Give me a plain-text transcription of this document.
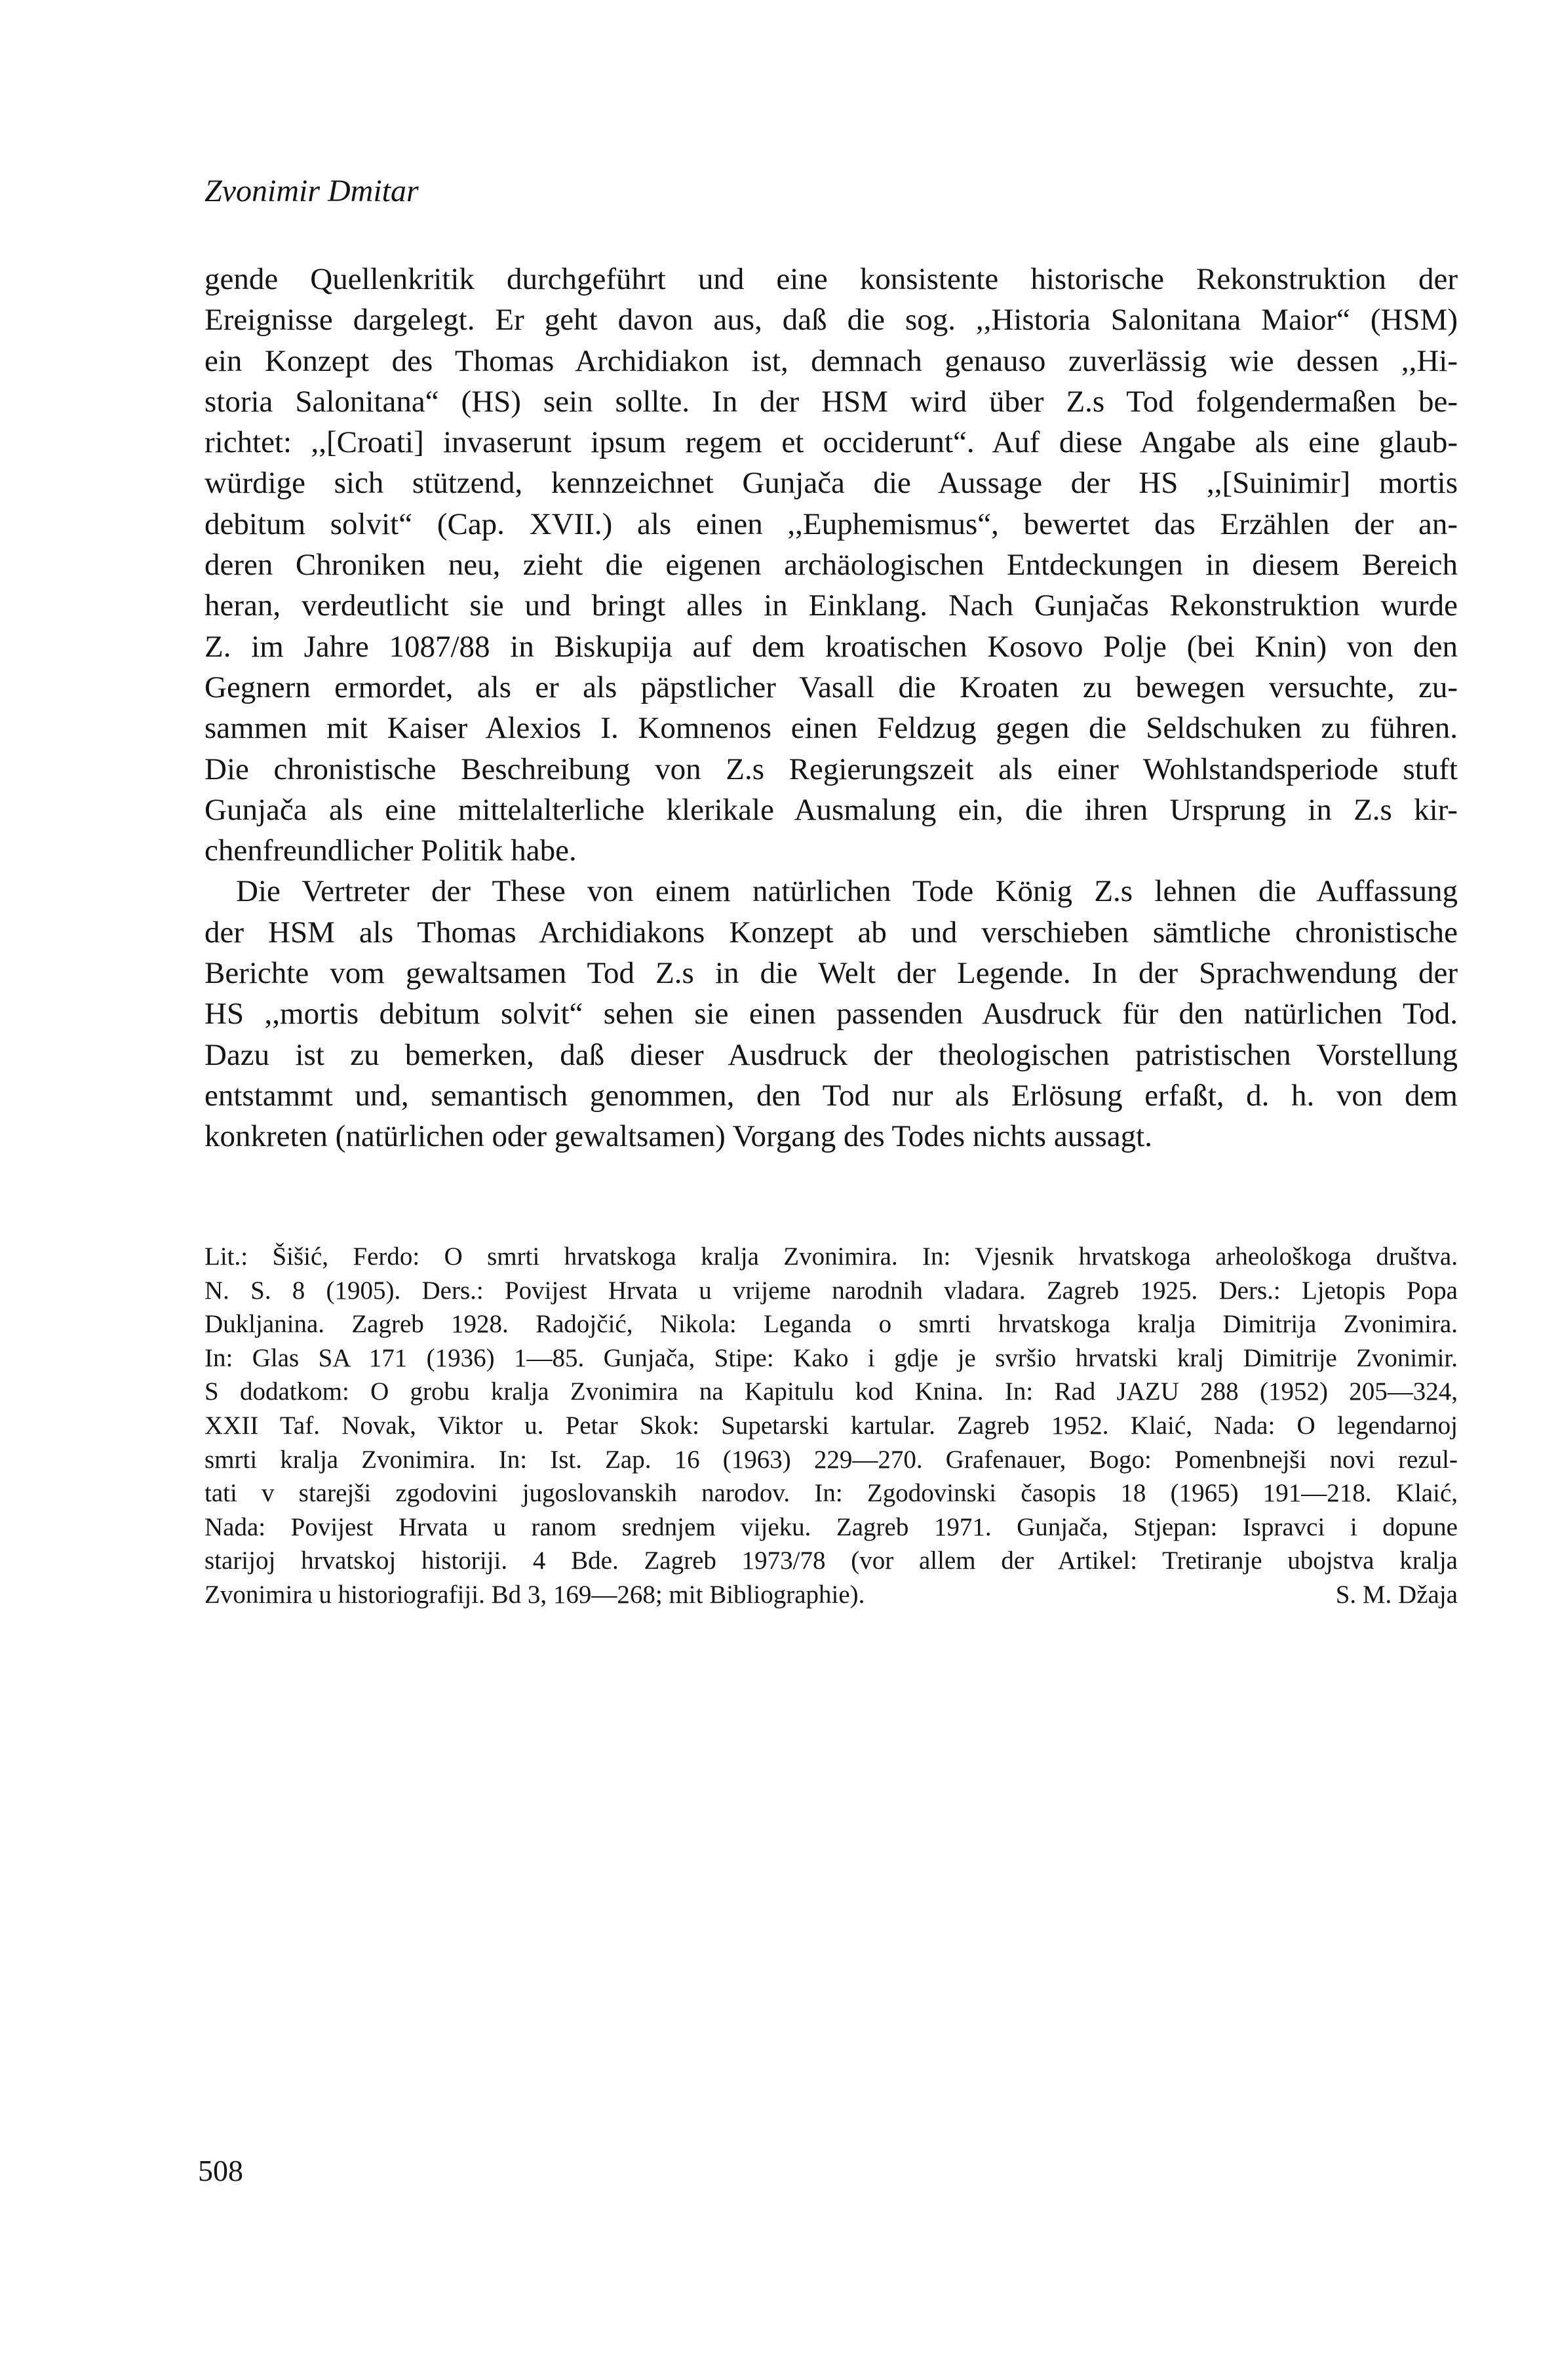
Zvonimir Dmitar
gende Quellenkritik durchgeführt und eine konsistente historische Rekonstruktion der
Ereignisse dargelegt. Er geht davon aus, daß die sog. ,,Historia Salonitana Maior“ (HSM)
ein Konzept des Thomas Archidiakon ist, demnach genauso zuverlässig wie dessen ,,Hi-
storia Salonitana“ (HS) sein sollte. In der HSM wird über Z.s Tod folgendermaßen be-
richtet: ,,[Croati] invaserunt ipsum regem et occiderunt“. Auf diese Angabe als eine glaub-
würdige sich stützend, kennzeichnet Gunjača die Aussage der HS ,,[Suinimir] mortis
debitum solvit“ (Cap. XVII.) als einen ,,Euphemismus“, bewertet das Erzählen der an-
deren Chroniken neu, zieht die eigenen archäologischen Entdeckungen in diesem Bereich
heran, verdeutlicht sie und bringt alles in Einklang. Nach Gunjačas Rekonstruktion wurde
Z. im Jahre 1087/88 in Biskupija auf dem kroatischen Kosovo Polje (bei Knin) von den
Gegnern ermordet, als er als päpstlicher Vasall die Kroaten zu bewegen versuchte, zu-
sammen mit Kaiser Alexios I. Komnenos einen Feldzug gegen die Seldschuken zu führen.
Die chronistische Beschreibung von Z.s Regierungszeit als einer Wohlstandsperiode stuft
Gunjača als eine mittelalterliche klerikale Ausmalung ein, die ihren Ursprung in Z.s kir-
chenfreundlicher Politik habe.
Die Vertreter der These von einem natürlichen Tode König Z.s lehnen die Auffassung
der HSM als Thomas Archidiakons Konzept ab und verschieben sämtliche chronistische
Berichte vom gewaltsamen Tod Z.s in die Welt der Legende. In der Sprachwendung der
HS ,,mortis debitum solvit“ sehen sie einen passenden Ausdruck für den natürlichen Tod.
Dazu ist zu bemerken, daß dieser Ausdruck der theologischen patristischen Vorstellung
entstammt und, semantisch genommen, den Tod nur als Erlösung erfaßt, d. h. von dem
konkreten (natürlichen oder gewaltsamen) Vorgang des Todes nichts aussagt.
Lit.: Šišić, Ferdo: O smrti hrvatskoga kralja Zvonimira. In: Vjesnik hrvatskoga arheološkoga društva.
N. S. 8 (1905). Ders.: Povijest Hrvata u vrijeme narodnih vladara. Zagreb 1925. Ders.: Ljetopis Popa
Dukljanina. Zagreb 1928. Radojčić, Nikola: Leganda o smrti hrvatskoga kralja Dimitrija Zvonimira.
In: Glas SA 171 (1936) 1—85. Gunjača, Stipe: Kako i gdje je svršio hrvatski kralj Dimitrije Zvonimir.
S dodatkom: O grobu kralja Zvonimira na Kapitulu kod Knina. In: Rad JAZU 288 (1952) 205—324,
XXII Taf. Novak, Viktor u. Petar Skok: Supetarski kartular. Zagreb 1952. Klaić, Nada: O legendarnoj
smrti kralja Zvonimira. In: Ist. Zap. 16 (1963) 229—270. Grafenauer, Bogo: Pomenbnejši novi rezul-
tati v starejši zgodovini jugoslovanskih narodov. In: Zgodovinski časopis 18 (1965) 191—218. Klaić,
Nada: Povijest Hrvata u ranom srednjem vijeku. Zagreb 1971. Gunjača, Stjepan: Ispravci i dopune
starijoj hrvatskoj historiji. 4 Bde. Zagreb 1973/78 (vor allem der Artikel: Tretiranje ubojstva kralja
Zvonimira u historiografiji. Bd 3, 169—268; mit Bibliographie).	S. M. Džaja
508
